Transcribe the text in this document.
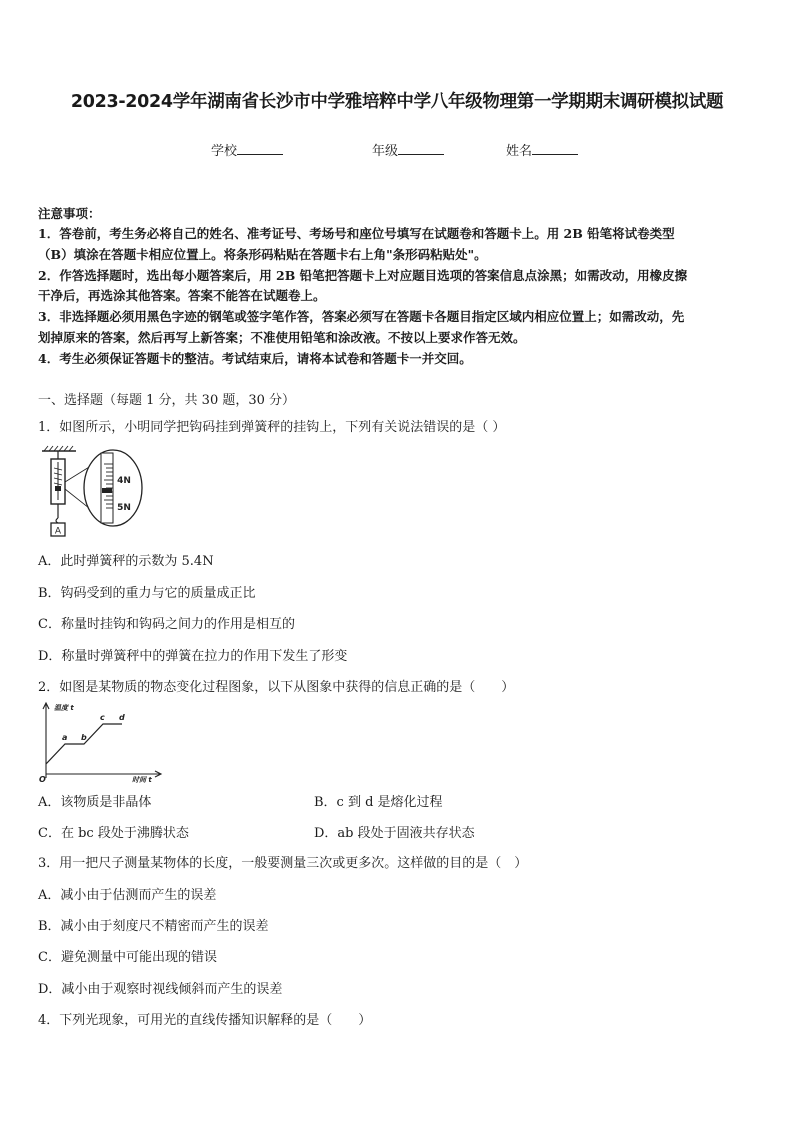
2023-2024学年湖南省长沙市中学雅培粹中学八年级物理第一学期期末调研模拟试题
学校	年级	姓名
注意事项：
1．答卷前，考生务必将自己的姓名、准考证号、考场号和座位号填写在试题卷和答题卡上。用 2B 铅笔将试卷类型
（B）填涂在答题卡相应位置上。将条形码粘贴在答题卡右上角"条形码粘贴处"。
2．作答选择题时，选出每小题答案后，用 2B 铅笔把答题卡上对应题目选项的答案信息点涂黑；如需改动，用橡皮擦
干净后，再选涂其他答案。答案不能答在试题卷上。
3．非选择题必须用黑色字迹的钢笔或签字笔作答，答案必须写在答题卡各题目指定区域内相应位置上；如需改动，先
划掉原来的答案，然后再写上新答案；不准使用铅笔和涂改液。不按以上要求作答无效。
4．考生必须保证答题卡的整洁。考试结束后，请将本试卷和答题卡一并交回。
一、选择题（每题 1 分，共 30 题，30 分）
1．如图所示，小明同学把钩码挂到弹簧秤的挂钩上，下列有关说法错误的是（ ）
A
4N
5N
A．此时弹簧秤的示数为 5.4N
B．钩码受到的重力与它的质量成正比
C．称量时挂钩和钩码之间力的作用是相互的
D．称量时弹簧秤中的弹簧在拉力的作用下发生了形变
2．如图是某物质的物态变化过程图象，以下从图象中获得的信息正确的是（　　）
温度 t
时间 t
O
a b
c d
A．该物质是非晶体	B．c 到 d 是熔化过程
C．在 bc 段处于沸腾状态	D．ab 段处于固液共存状态
3．用一把尺子测量某物体的长度，一般要测量三次或更多次。这样做的目的是（　）
A．减小由于估测而产生的误差
B．减小由于刻度尺不精密而产生的误差
C．避免测量中可能出现的错误
D．减小由于观察时视线倾斜而产生的误差
4．下列光现象，可用光的直线传播知识解释的是（　　）
